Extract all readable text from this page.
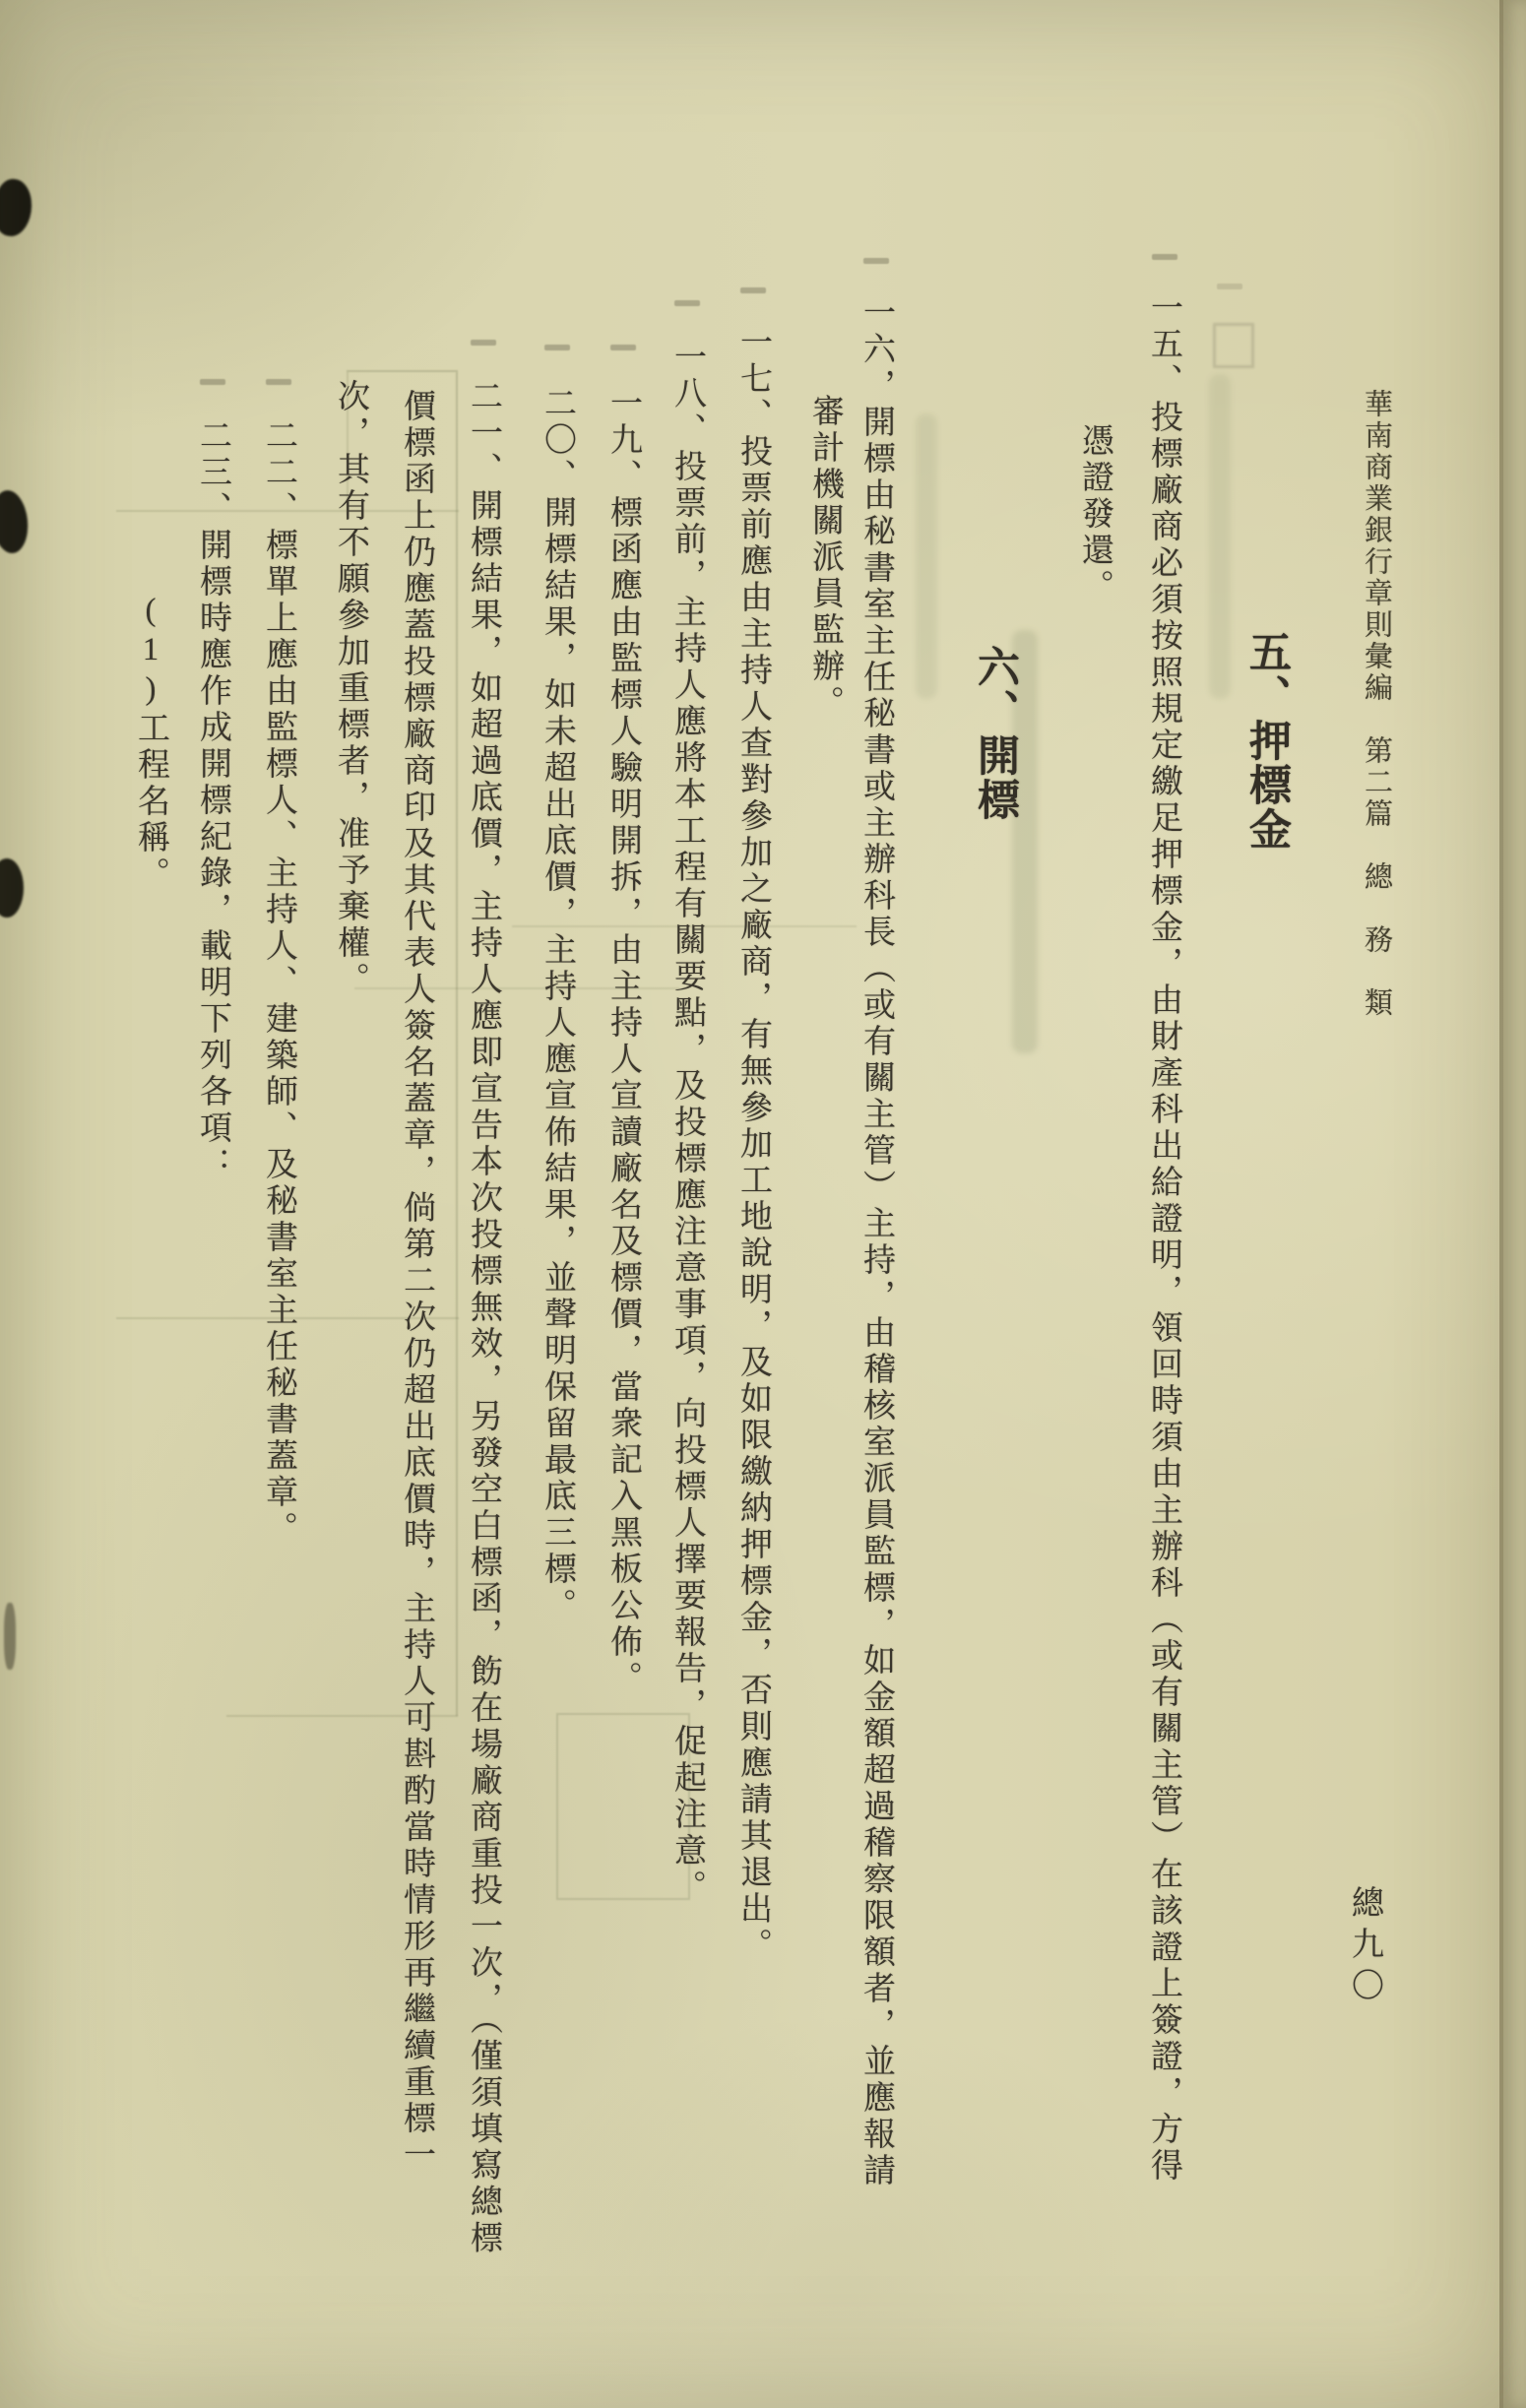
華南商業銀行章則彙編　第二篇　總　務　類
總九〇
五、押標金
六、開標
一五、投標廠商必須按照規定繳足押標金，由財產科出給證明，領回時須由主辦科（或有關主管）在該證上簽證，方得
憑證發還。
一六，開標由秘書室主任秘書或主辦科長（或有關主管）主持，由稽核室派員監標，如金額超過稽察限額者，並應報請
審計機關派員監辦。
一七、投票前應由主持人查對參加之廠商，有無參加工地說明，及如限繳納押標金，否則應請其退出。
一八、投票前，主持人應將本工程有關要點，及投標應注意事項，向投標人擇要報告，促起注意。
一九、標函應由監標人驗明開拆，由主持人宣讀廠名及標價，當衆記入黑板公佈。
二〇、開標結果，如未超出底價，主持人應宣佈結果，並聲明保留最底三標。
二一、開標結果，如超過底價，主持人應即宣告本次投標無效，另發空白標函，飭在場廠商重投一次，（僅須填寫總標
價標函上仍應蓋投標廠商印及其代表人簽名蓋章，倘第二次仍超出底價時，主持人可斟酌當時情形再繼續重標一
次，其有不願參加重標者，准予棄權。
二二、標單上應由監標人、主持人、建築師、及秘書室主任秘書蓋章。
二三、開標時應作成開標紀錄，載明下列各項：
(1)工程名稱。
